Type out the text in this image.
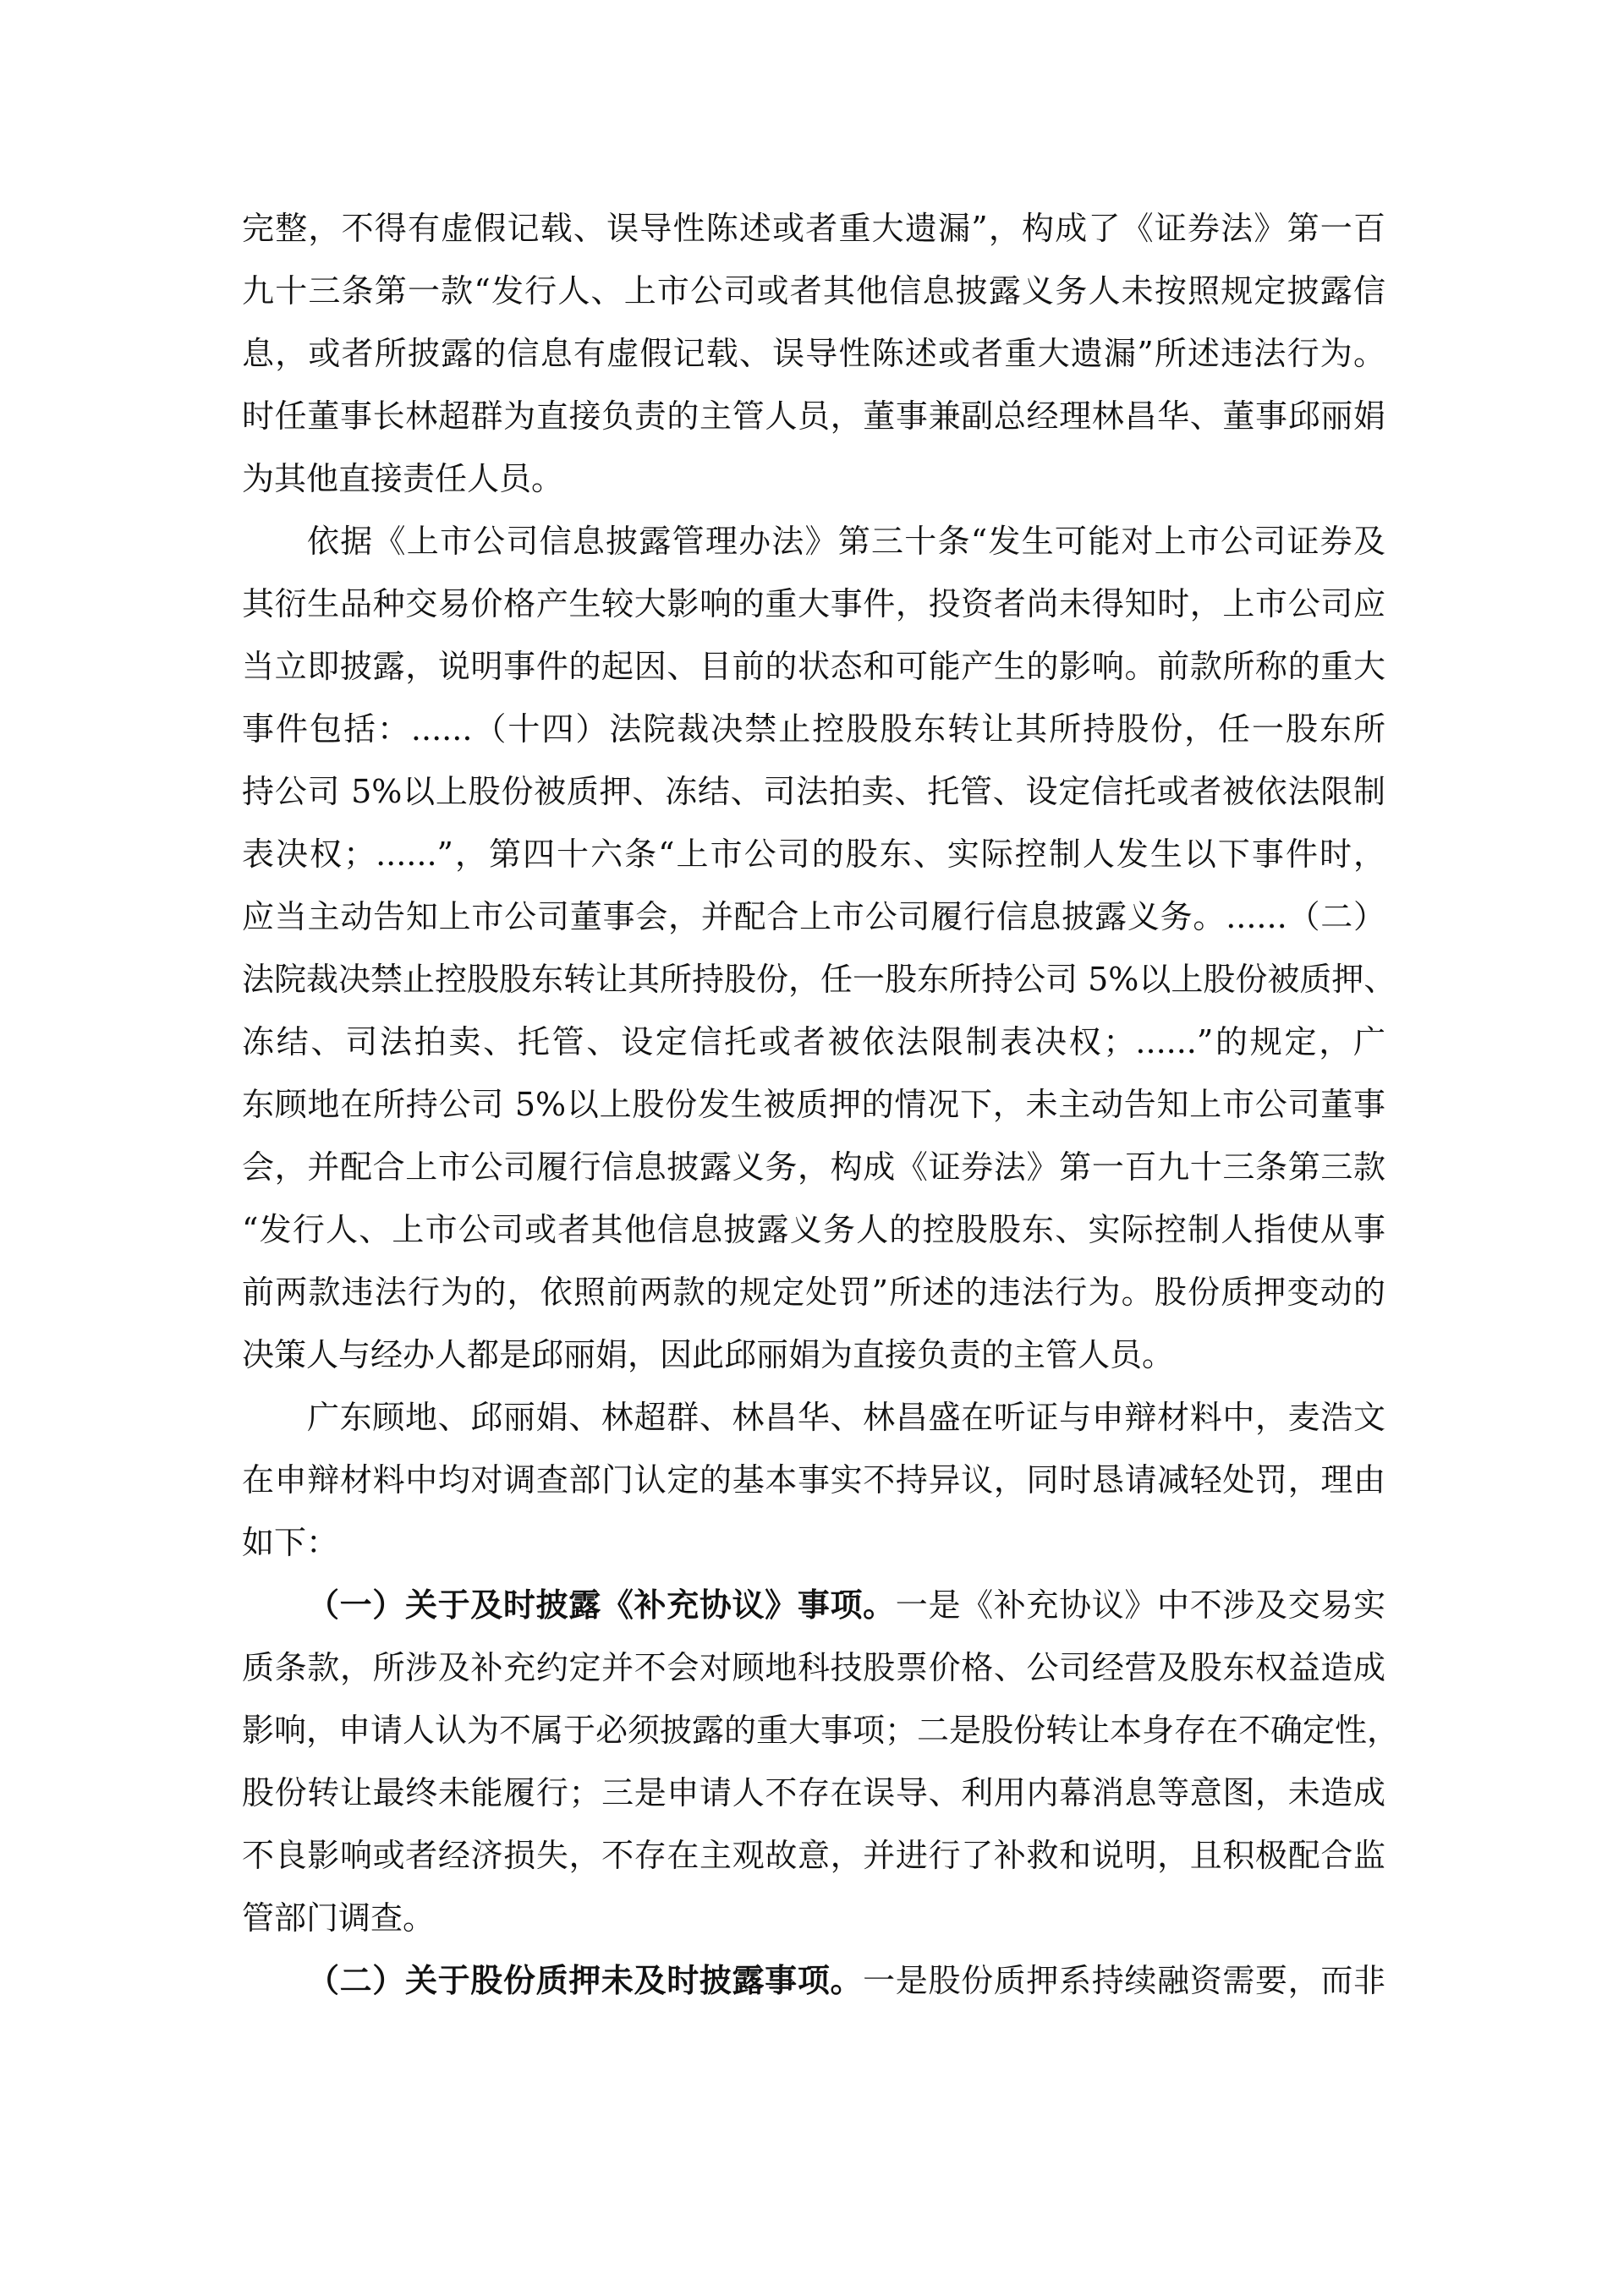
完整，不得有虚假记载、误导性陈述或者重大遗漏”，构成了《证券法》第一百
九十三条第一款“发行人、上市公司或者其他信息披露义务人未按照规定披露信
息，或者所披露的信息有虚假记载、误导性陈述或者重大遗漏”所述违法行为。
时任董事长林超群为直接负责的主管人员，董事兼副总经理林昌华、董事邱丽娟
为其他直接责任人员。
依据《上市公司信息披露管理办法》第三十条“发生可能对上市公司证券及
其衍生品种交易价格产生较大影响的重大事件，投资者尚未得知时，上市公司应
当立即披露，说明事件的起因、目前的状态和可能产生的影响。前款所称的重大
事件包括：......（十四）法院裁决禁止控股股东转让其所持股份，任一股东所
持公司 5%以上股份被质押、冻结、司法拍卖、托管、设定信托或者被依法限制
表决权；......”，第四十六条“上市公司的股东、实际控制人发生以下事件时，
应当主动告知上市公司董事会，并配合上市公司履行信息披露义务。......（二）
法院裁决禁止控股股东转让其所持股份，任一股东所持公司 5%以上股份被质押、
冻结、司法拍卖、托管、设定信托或者被依法限制表决权；......”的规定，广
东顾地在所持公司 5%以上股份发生被质押的情况下，未主动告知上市公司董事
会，并配合上市公司履行信息披露义务，构成《证券法》第一百九十三条第三款
“发行人、上市公司或者其他信息披露义务人的控股股东、实际控制人指使从事
前两款违法行为的，依照前两款的规定处罚”所述的违法行为。股份质押变动的
决策人与经办人都是邱丽娟，因此邱丽娟为直接负责的主管人员。
广东顾地、邱丽娟、林超群、林昌华、林昌盛在听证与申辩材料中，麦浩文
在申辩材料中均对调查部门认定的基本事实不持异议，同时恳请减轻处罚，理由
如下：
（一）关于及时披露《补充协议》事项。一是《补充协议》中不涉及交易实
质条款，所涉及补充约定并不会对顾地科技股票价格、公司经营及股东权益造成
影响，申请人认为不属于必须披露的重大事项；二是股份转让本身存在不确定性，
股份转让最终未能履行；三是申请人不存在误导、利用内幕消息等意图，未造成
不良影响或者经济损失，不存在主观故意，并进行了补救和说明，且积极配合监
管部门调查。
（二）关于股份质押未及时披露事项。一是股份质押系持续融资需要，而非
